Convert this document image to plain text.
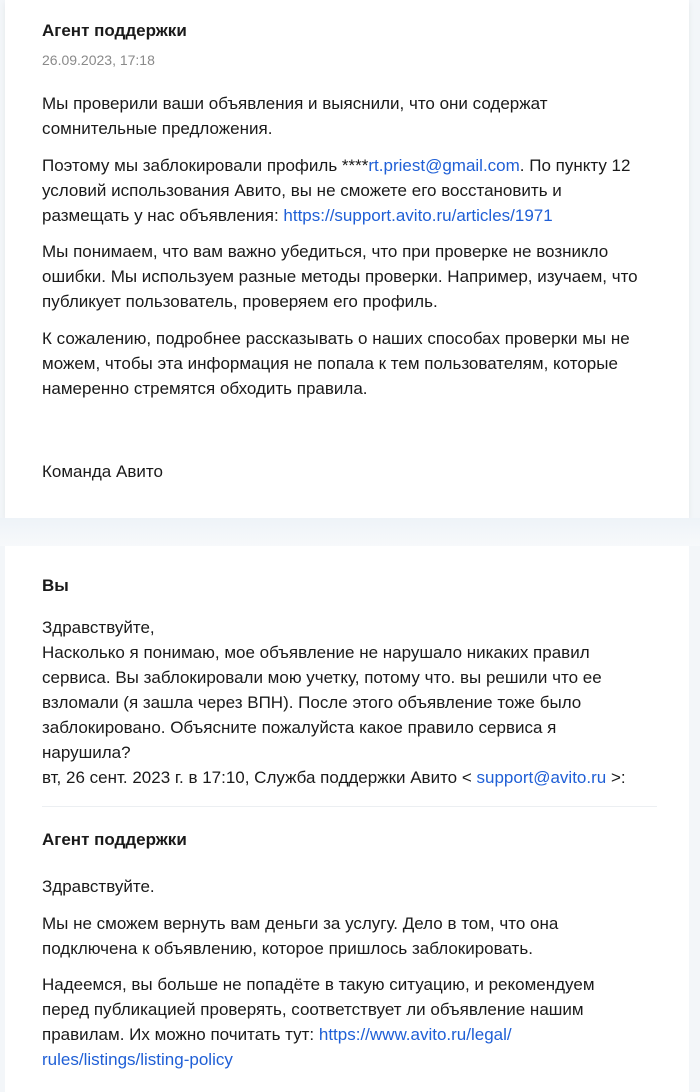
Агент поддержки
26.09.2023, 17:18

Мы проверили ваши объявления и выяснили, что они содержат
сомнительные предложения.

Поэтому мы заблокировали профиль ****rt.priest@gmail.com. По пункту 12
условий использования Авито, вы не сможете его восстановить и
размещать у нас объявления: https://support.avito.ru/articles/1971

Мы понимаем, что вам важно убедиться, что при проверке не возникло
ошибки. Мы используем разные методы проверки. Например, изучаем, что
публикует пользователь, проверяем его профиль.

К сожалению, подробнее рассказывать о наших способах проверки мы не
можем, чтобы эта информация не попала к тем пользователям, которые
намеренно стремятся обходить правила.

Команда Авито

Вы

Здравствуйте,
Насколько я понимаю, мое объявление не нарушало никаких правил
сервиса. Вы заблокировали мою учетку, потому что. вы решили что ее
взломали (я зашла через ВПН). После этого объявление тоже было
заблокировано. Объясните пожалуйста какое правило сервиса я
нарушила?
вт, 26 сент. 2023 г. в 17:10, Служба поддержки Авито < support@avito.ru >:

Агент поддержки

Здравствуйте.

Мы не сможем вернуть вам деньги за услугу. Дело в том, что она
подключена к объявлению, которое пришлось заблокировать.

Надеемся, вы больше не попадёте в такую ситуацию, и рекомендуем
перед публикацией проверять, соответствует ли объявление нашим
правилам. Их можно почитать тут: https://www.avito.ru/legal/
rules/listings/listing-policy
